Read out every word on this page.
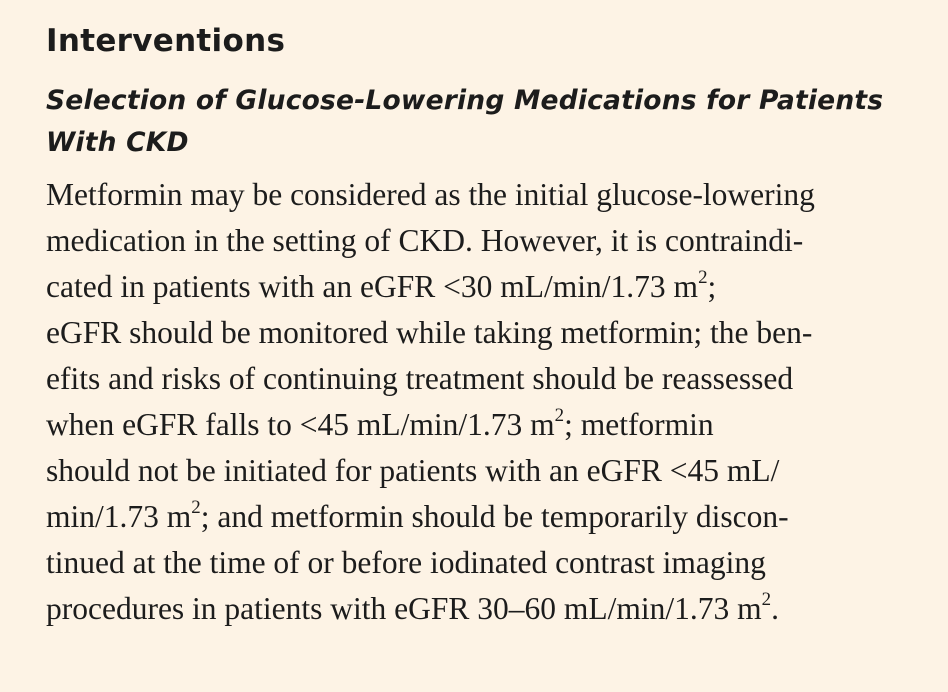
Interventions
Selection of Glucose-Lowering Medications for Patients
With CKD
Metformin may be considered as the initial glucose-lowering
medication in the setting of CKD. However, it is contraindi-
cated in patients with an eGFR <30 mL/min/1.73 $m^2$;
eGFR should be monitored while taking metformin; the ben-
efits and risks of continuing treatment should be reassessed
when eGFR falls to <45 mL/min/1.73 $m^2$; metformin
should not be initiated for patients with an eGFR <45 mL/
min/1.73 $m^2$; and metformin should be temporarily discon-
tinued at the time of or before iodinated contrast imaging
procedures in patients with eGFR 30–60 mL/min/1.73 $m^2$.
